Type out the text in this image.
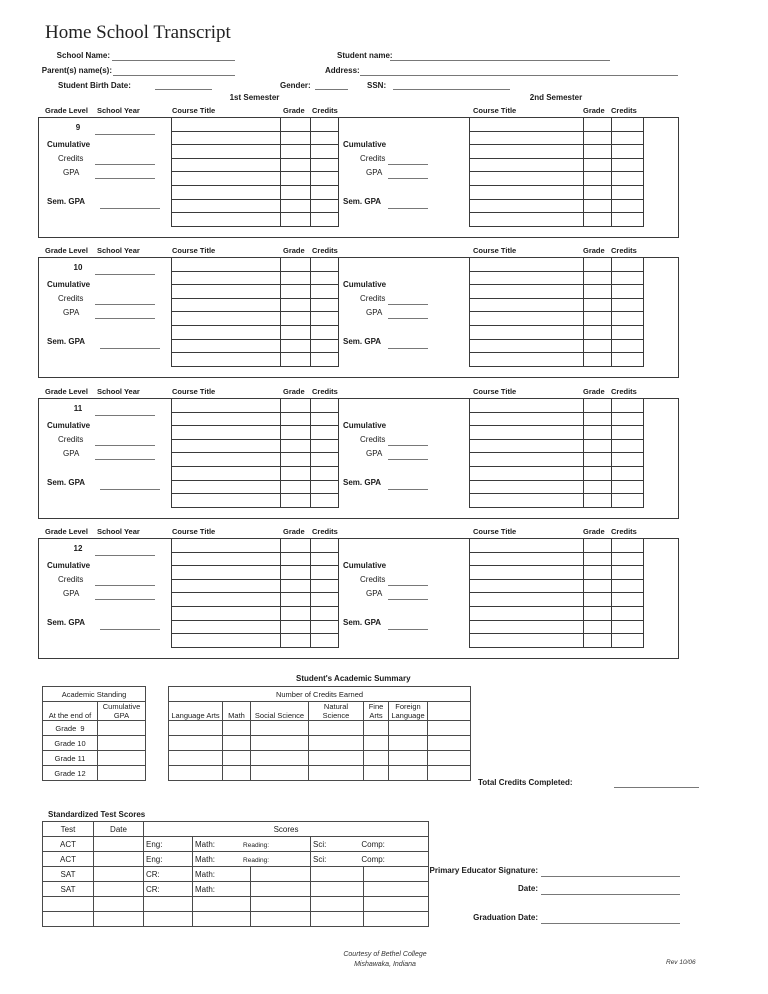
Home School Transcript
School Name:	Student name:
Parent(s) name(s):	Address:
Student Birth Date:	Gender:	SSN:
1st Semester	2nd Semester
Grade Level School Year	Course Title	Grade Credits	Course Title	Grade Credits
9
Cumulative
Credits
GPA
Sem. GPA

Cumulative
Credits
GPA
Sem. GPA

Grade Level School Year	Course Title	Grade Credits	Course Title	Grade Credits
10
Cumulative
Credits
GPA
Sem. GPA

Cumulative
Credits
GPA
Sem. GPA

Grade Level School Year	Course Title	Grade Credits	Course Title	Grade Credits
11
Cumulative
Credits
GPA
Sem. GPA

Cumulative
Credits
GPA
Sem. GPA

Grade Level School Year	Course Title	Grade Credits	Course Title	Grade Credits
12
Cumulative
Credits
GPA
Sem. GPA

Cumulative
Credits
GPA
Sem. GPA

Student's Academic Summary
Academic Standing	
At the end of	Cumulative GPA
Grade  9	
Grade 10	
Grade 11	
Grade 12	
Number of Credits Earned						
Language Arts	Math	Social Science	Natural Science	Fine Arts	Foreign Language	

Total Credits Completed:
Standardized Test Scores
Test	Date	Scores				
ACT		Eng:	Math: Reading:		Sci: Comp:	
ACT		Eng:	Math: Reading:		Sci: Comp:	
SAT		CR:	Math:			
SAT		CR:	Math:			

Primary Educator Signature:
Date:
Graduation Date:
Courtesy of Bethel College
Mishawaka, Indiana	Rev 10/06
